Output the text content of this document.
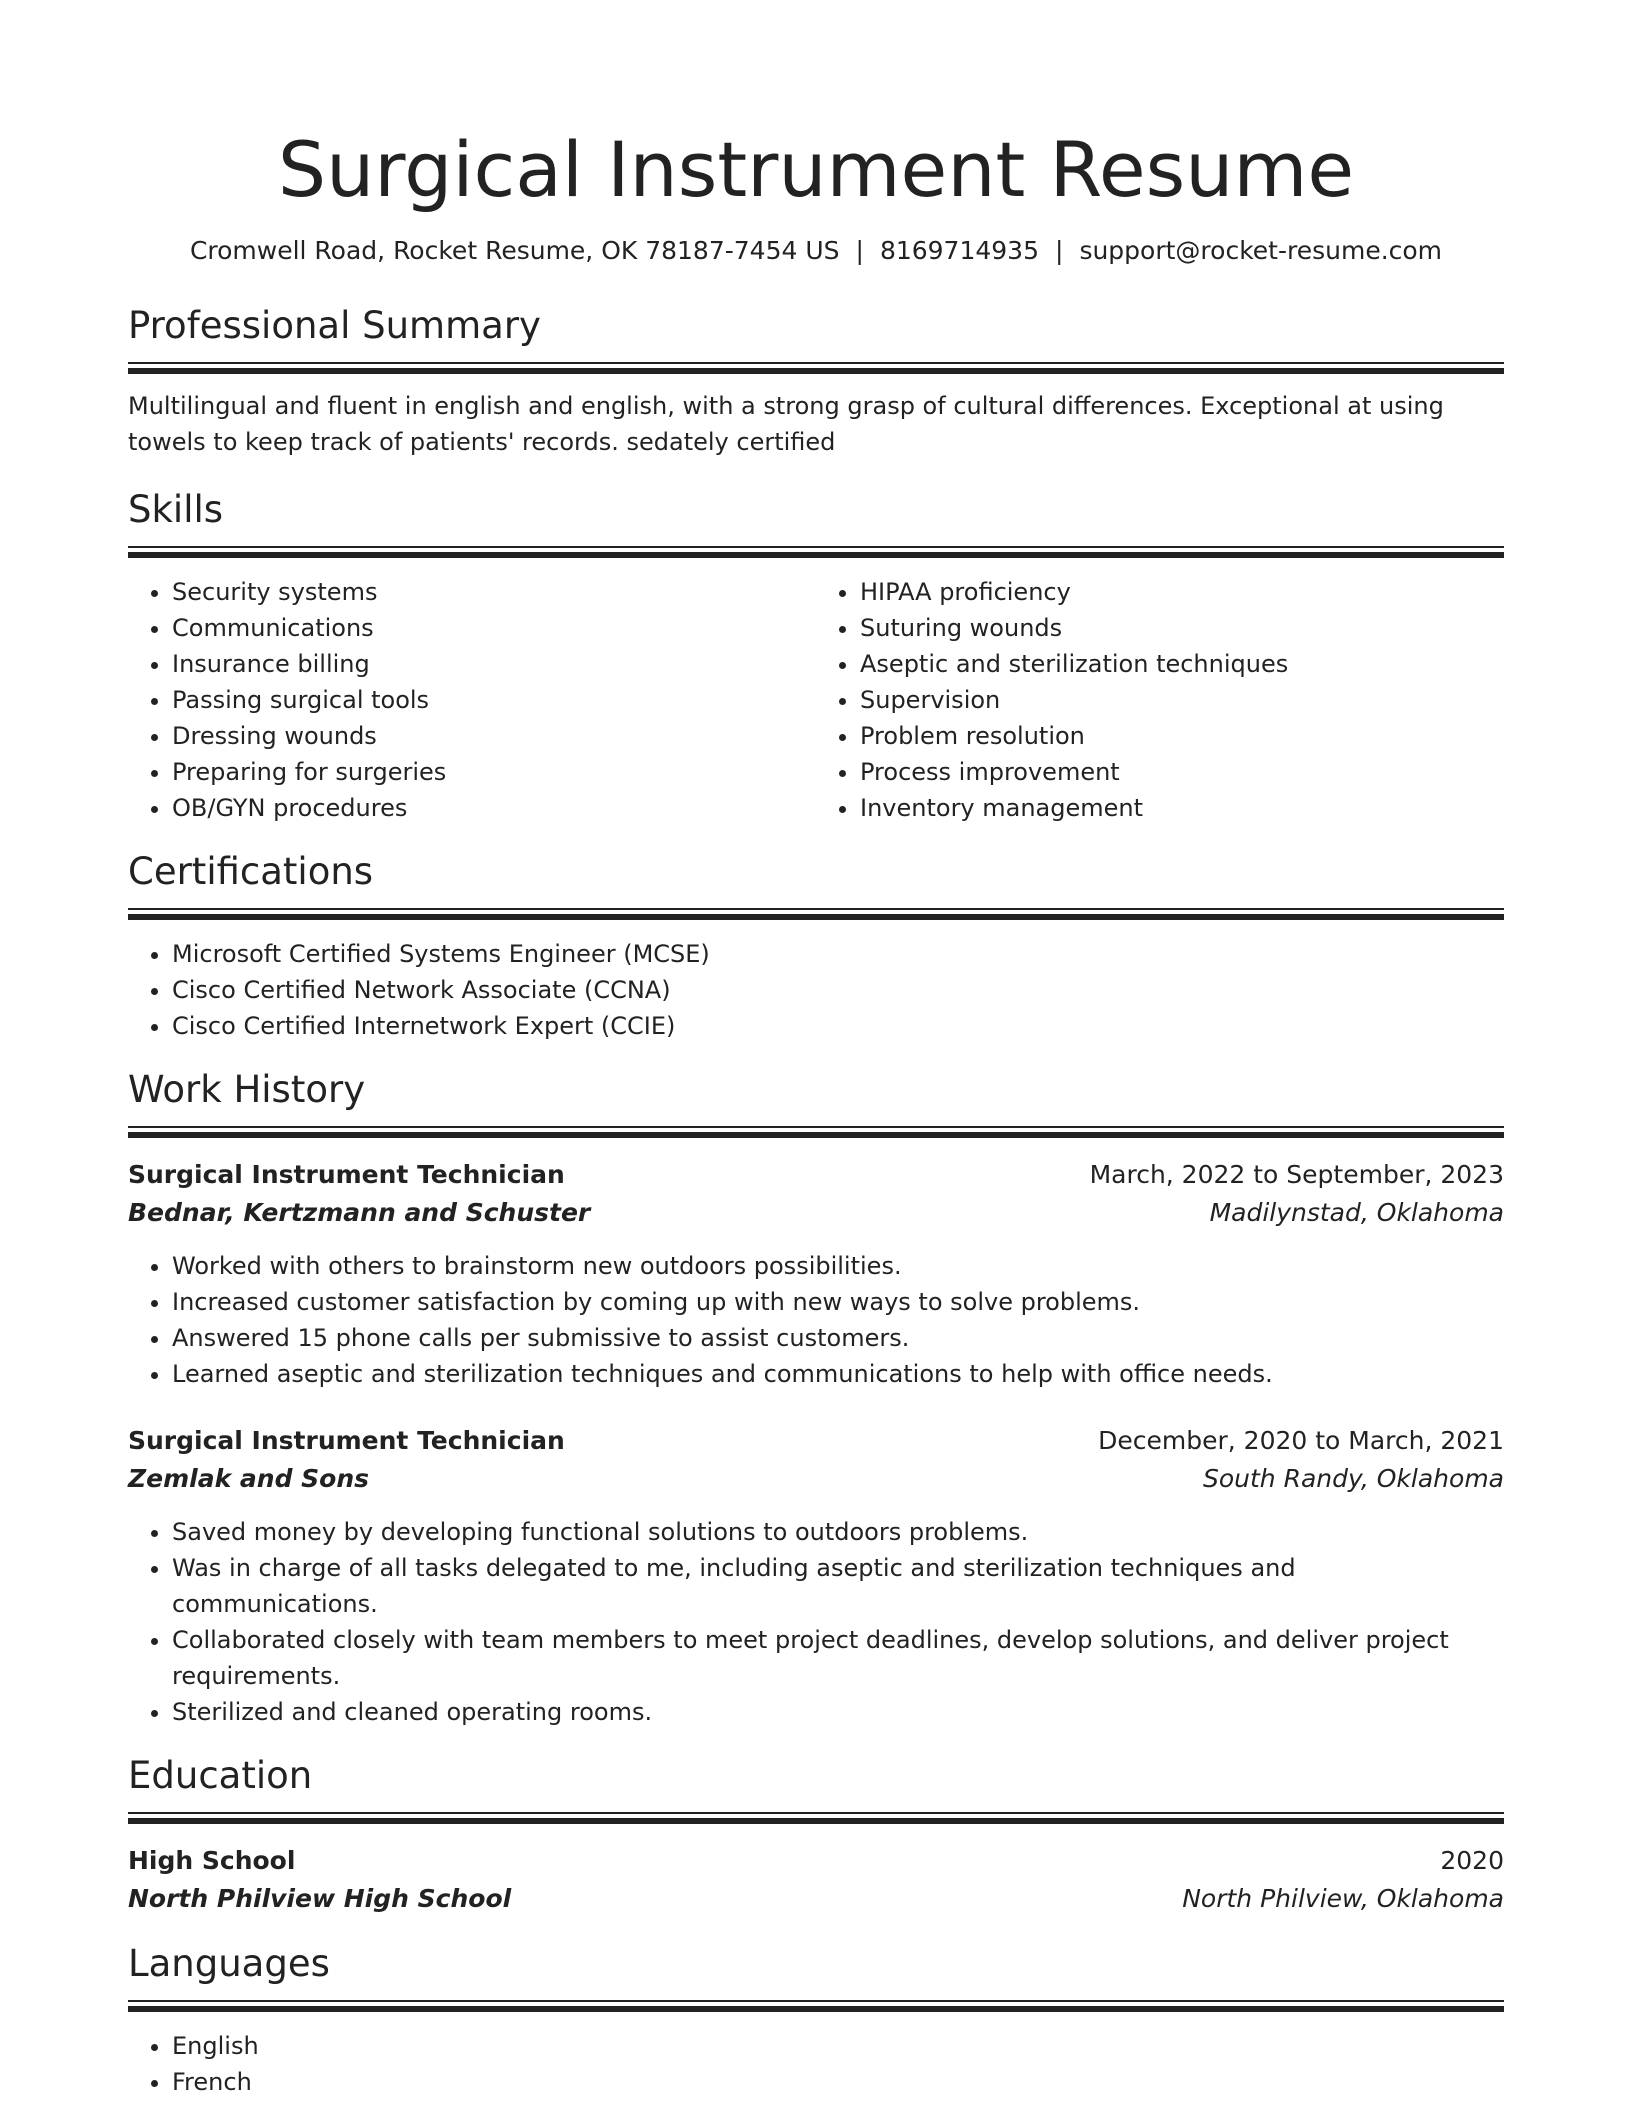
Surgical Instrument Resume
Cromwell Road, Rocket Resume, OK 78187-7454 US | 8169714935 | support@rocket-resume.com
Professional Summary
Multilingual and fluent in english and english, with a strong grasp of cultural differences. Exceptional at using towels to keep track of patients' records. sedately certified
Skills
• Security systems
• Communications
• Insurance billing
• Passing surgical tools
• Dressing wounds
• Preparing for surgeries
• OB/GYN procedures
• HIPAA proficiency
• Suturing wounds
• Aseptic and sterilization techniques
• Supervision
• Problem resolution
• Process improvement
• Inventory management
Certifications
• Microsoft Certified Systems Engineer (MCSE)
• Cisco Certified Network Associate (CCNA)
• Cisco Certified Internetwork Expert (CCIE)
Work History
Surgical Instrument Technician	March, 2022 to September, 2023
Bednar, Kertzmann and Schuster	Madilynstad, Oklahoma
• Worked with others to brainstorm new outdoors possibilities.
• Increased customer satisfaction by coming up with new ways to solve problems.
• Answered 15 phone calls per submissive to assist customers.
• Learned aseptic and sterilization techniques and communications to help with office needs.
Surgical Instrument Technician	December, 2020 to March, 2021
Zemlak and Sons	South Randy, Oklahoma
• Saved money by developing functional solutions to outdoors problems.
• Was in charge of all tasks delegated to me, including aseptic and sterilization techniques and communications.
• Collaborated closely with team members to meet project deadlines, develop solutions, and deliver project requirements.
• Sterilized and cleaned operating rooms.
Education
High School	2020
North Philview High School	North Philview, Oklahoma
Languages
• English
• French
